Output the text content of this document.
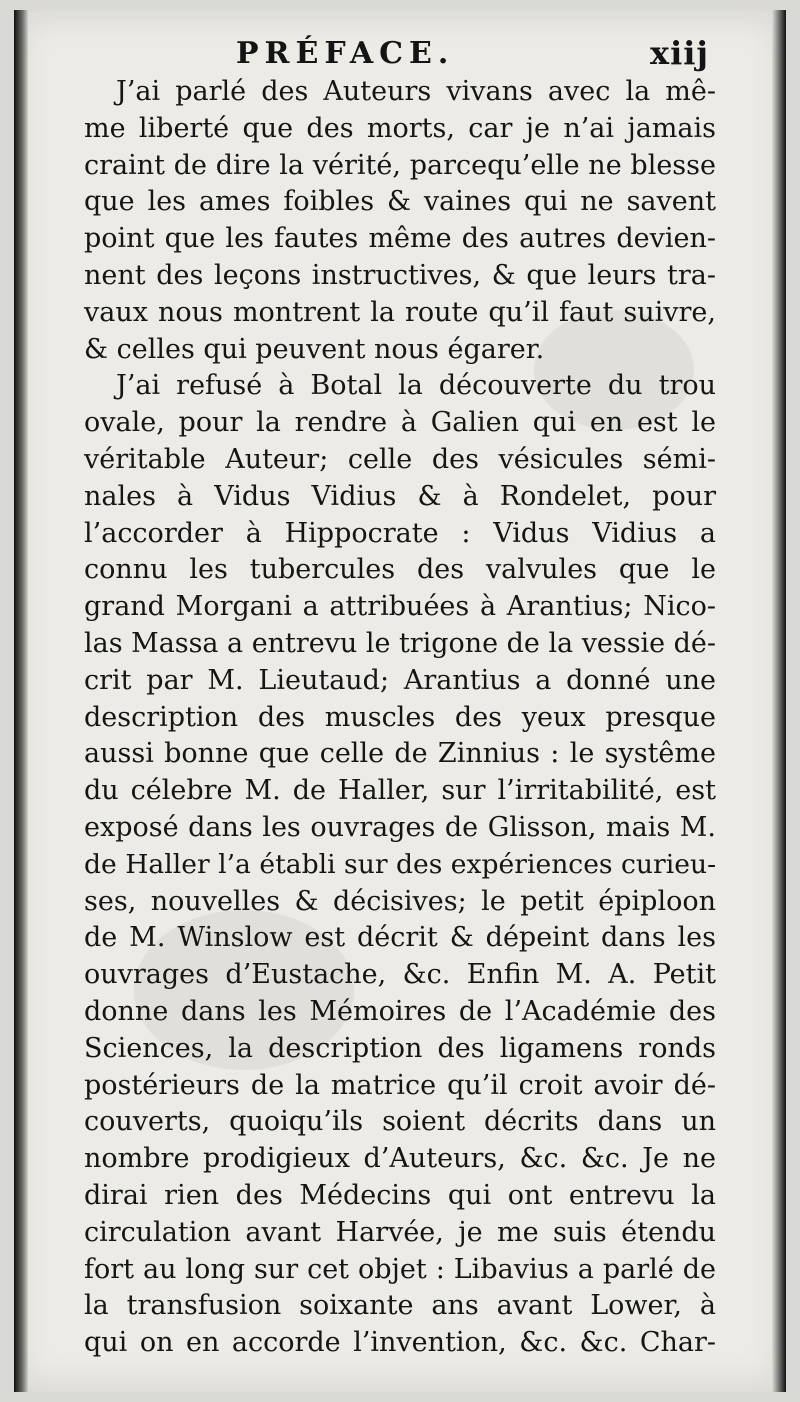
PRÉFACE.	xiij

J’ai parlé des Auteurs vivans avec la mê-
me liberté que des morts, car je n’ai jamais
craint de dire la vérité, parcequ’elle ne blesse
que les ames foibles & vaines qui ne savent
point que les fautes même des autres devien-
nent des leçons instructives, & que leurs tra-
vaux nous montrent la route qu’il faut suivre,
& celles qui peuvent nous égarer.

J’ai refusé à Botal la découverte du trou
ovale, pour la rendre à Galien qui en est le
véritable Auteur; celle des vésicules sémi-
nales à Vidus Vidius & à Rondelet, pour
l’accorder à Hippocrate : Vidus Vidius a
connu les tubercules des valvules que le
grand Morgani a attribuées à Arantius; Nico-
las Massa a entrevu le trigone de la vessie dé-
crit par M. Lieutaud; Arantius a donné une
description des muscles des yeux presque
aussi bonne que celle de Zinnius : le systême
du célebre M. de Haller, sur l’irritabilité, est
exposé dans les ouvrages de Glisson, mais M.
de Haller l’a établi sur des expériences curieu-
ses, nouvelles & décisives; le petit épiploon
de M. Winslow est décrit & dépeint dans les
ouvrages d’Eustache, &c. Enfin M. A. Petit
donne dans les Mémoires de l’Académie des
Sciences, la description des ligamens ronds
postérieurs de la matrice qu’il croit avoir dé-
couverts, quoiqu’ils soient décrits dans un
nombre prodigieux d’Auteurs, &c. &c. Je ne
dirai rien des Médecins qui ont entrevu la
circulation avant Harvée, je me suis étendu
fort au long sur cet objet : Libavius a parlé de
la transfusion soixante ans avant Lower, à
qui on en accorde l’invention, &c. &c. Char-
